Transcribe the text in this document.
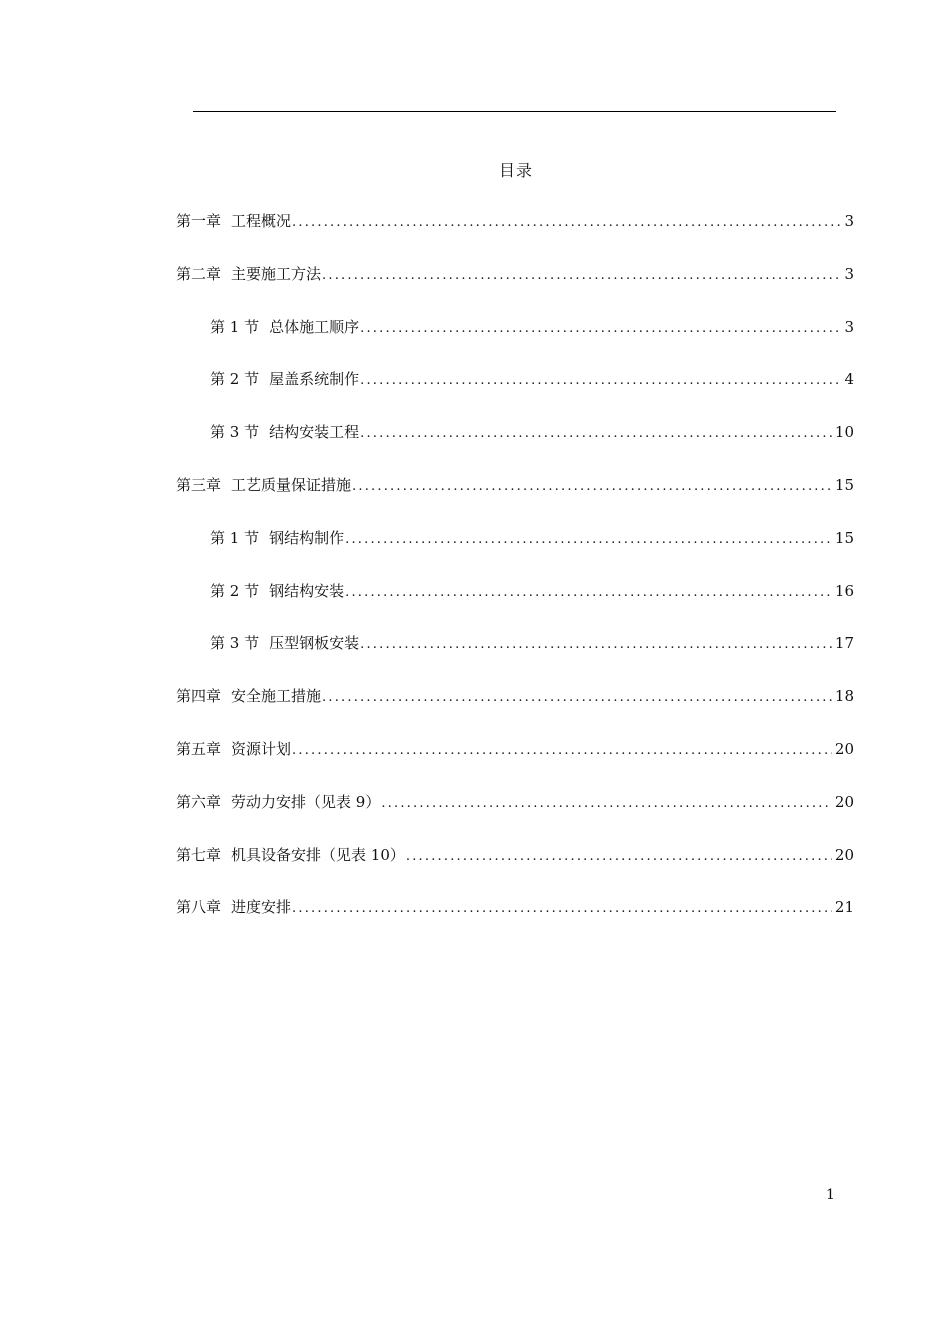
目录
第一章 工程概况 .....	3
第二章 主要施工方法 .....	3
第 1 节 总体施工顺序 .....	3
第 2 节 屋盖系统制作 .....	4
第 3 节 结构安装工程 .....	10
第三章 工艺质量保证措施 .....	15
第 1 节 钢结构制作 .....	15
第 2 节 钢结构安装 .....	16
第 3 节 压型钢板安装 .....	17
第四章 安全施工措施 .....	18
第五章 资源计划 .....	20
第六章 劳动力安排（见表 9） .....	20
第七章 机具设备安排（见表 10） .....	20
第八章 进度安排 .....	21
1
